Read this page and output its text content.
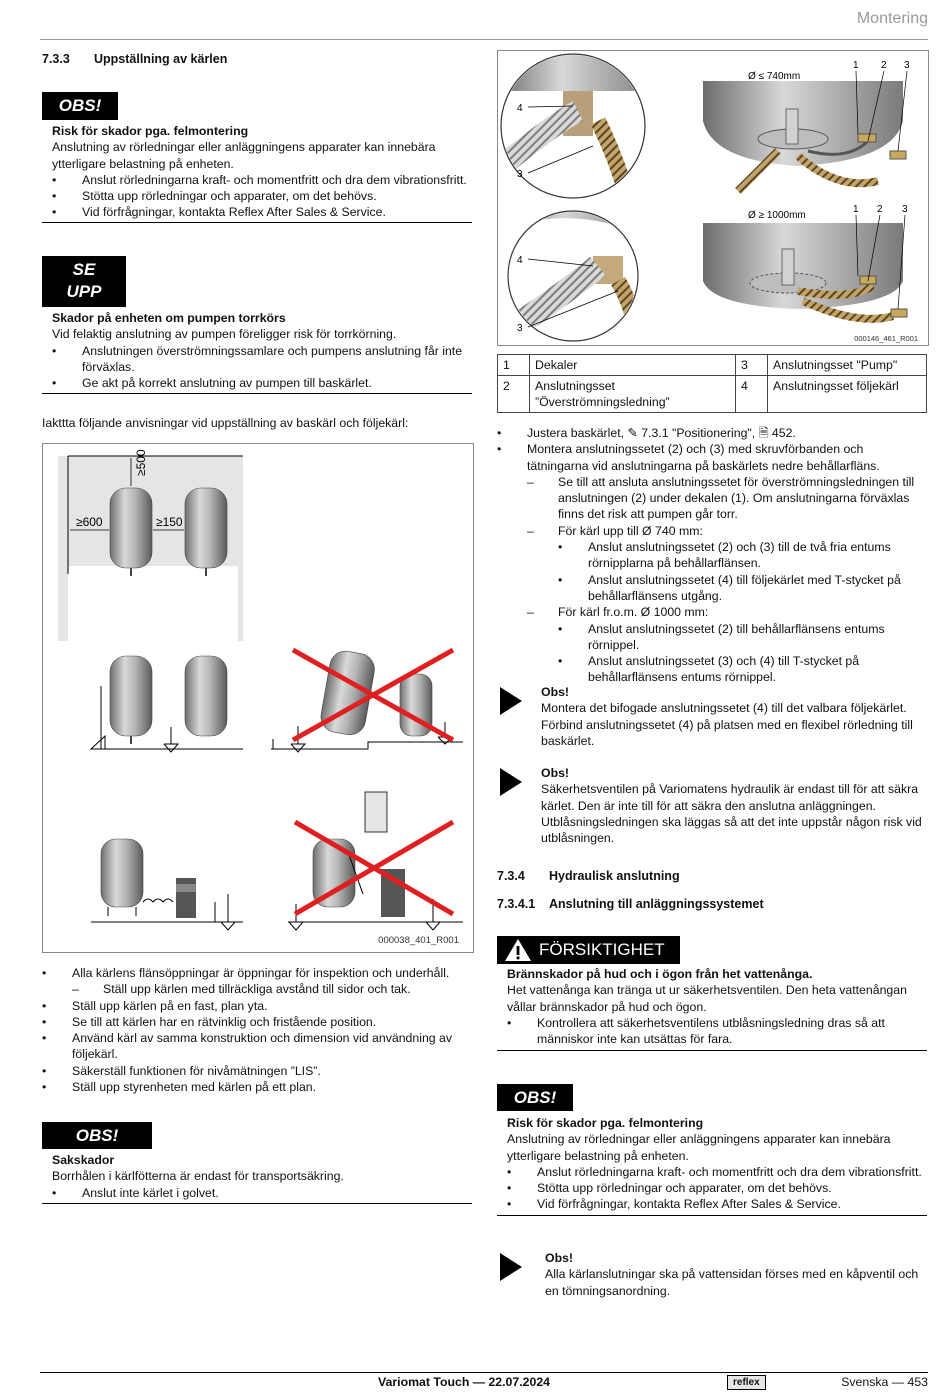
Montering
7.3.3 Uppställning av kärlen
OBS!
Risk för skador pga. felmontering
Anslutning av rörledningar eller anläggningens apparater kan innebära ytterligare belastning på enheten.
• Anslut rörledningarna kraft- och momentfritt och dra dem vibrationsfritt.
• Stötta upp rörledningar och apparater, om det behövs.
• Vid förfrågningar, kontakta Reflex After Sales & Service.
SE
UPP
Skador på enheten om pumpen torrkörs
Vid felaktig anslutning av pumpen föreligger risk för torrkörning.
• Anslutningen överströmningssamlare och pumpens anslutning får inte förväxlas.
• Ge akt på korrekt anslutning av pumpen till baskärlet.
Iakttta följande anvisningar vid uppställning av baskärl och följekärl:
≥500
≥600	≥150
000038_401_R001
• Alla kärlens flänsöppningar är öppningar för inspektion och underhåll.
– Ställ upp kärlen med tillräckliga avstånd till sidor och tak.
• Ställ upp kärlen på en fast, plan yta.
• Se till att kärlen har en rätvinklig och fristående position.
• Använd kärl av samma konstruktion och dimension vid användning av följekärl.
• Säkerställ funktionen för nivåmätningen ”LIS”.
• Ställ upp styrenheten med kärlen på ett plan.
OBS!
Sakskador
Borrhålen i kärlfötterna är endast för transportsäkring.
• Anslut inte kärlet i golvet.
Ø ≤ 740mm
1 2 3
4
3
Ø ≥ 1000mm
1 2 3
4
3
000146_461_R001
1	Dekaler	3	Anslutningsset "Pump"
2	Anslutningsset ”Överströmningsledning”	4	Anslutningsset följekärl
• Justera baskärlet, ✎ 7.3.1 "Positionering", 🗎 452.
• Montera anslutningssetet (2) och (3) med skruvförbanden och tätningarna vid anslutningarna på baskärlets nedre behållarfläns.
– Se till att ansluta anslutningssetet för överströmningsledningen till anslutningen (2) under dekalen (1). Om anslutningarna förväxlas finns det risk att pumpen går torr.
– För kärl upp till Ø 740 mm:
• Anslut anslutningssetet (2) och (3) till de två fria entums rörnipplarna på behållarflänsen.
• Anslut anslutningssetet (4) till följekärlet med T-stycket på behållarflänsens utgång.
– För kärl fr.o.m. Ø 1000 mm:
• Anslut anslutningssetet (2) till behållarflänsens entums rörnippel.
• Anslut anslutningssetet (3) och (4) till T-stycket på behållarflänsens entums rörnippel.
Obs!
Montera det bifogade anslutningssetet (4) till det valbara följekärlet. Förbind anslutningssetet (4) på platsen med en flexibel rörledning till baskärlet.
Obs!
Säkerhetsventilen på Variomatens hydraulik är endast till för att säkra kärlet. Den är inte till för att säkra den anslutna anläggningen. Utblåsningsledningen ska läggas så att det inte uppstår någon risk vid utblåsningen.
7.3.4 Hydraulisk anslutning
7.3.4.1 Anslutning till anläggningssystemet
FÖRSIKTIGHET
Brännskador på hud och i ögon från het vattenånga.
Het vattenånga kan tränga ut ur säkerhetsventilen. Den heta vattenångan vållar brännskador på hud och ögon.
• Kontrollera att säkerhetsventilens utblåsningsledning dras så att människor inte kan utsättas för fara.
OBS!
Risk för skador pga. felmontering
Anslutning av rörledningar eller anläggningens apparater kan innebära ytterligare belastning på enheten.
• Anslut rörledningarna kraft- och momentfritt och dra dem vibrationsfritt.
• Stötta upp rörledningar och apparater, om det behövs.
• Vid förfrågningar, kontakta Reflex After Sales & Service.
Obs!
Alla kärlanslutningar ska på vattensidan förses med en kåpventil och en tömningsanordning.
Variomat Touch — 22.07.2024	reflex	Svenska — 453
